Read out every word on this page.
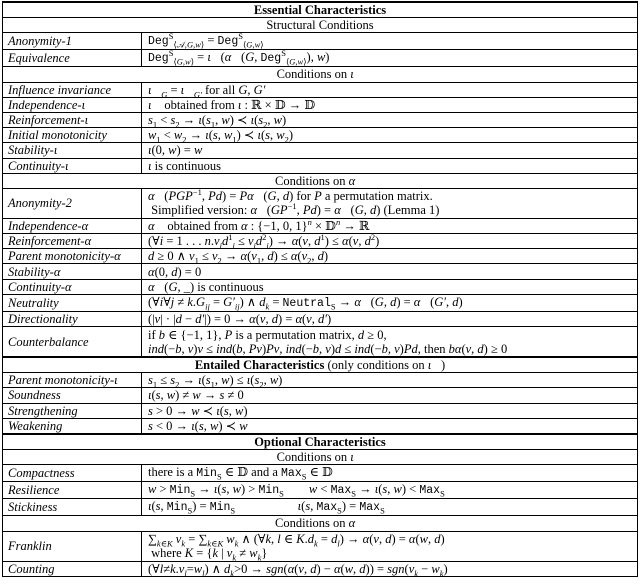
Essential Characteristics	
Structural Conditions	
Anonymity-1	Deg$^S_{⟨𝒜,G,w⟩}$ = Deg$^S_{⟨G,w⟩}$
Equivalence	Deg$^S_{⟨G,w⟩}$ = ι⃗(α⃗(G, Deg$^S_{⟨G,w⟩}$), w)
Conditions on ι⃗	
Influence invariance	$\iota⃗_G$ = $\iota⃗_{G'}$ for all G, G′
Independence-ι	ι⃗ obtained from ι : ℝ × 𝔻 → 𝔻
Reinforcement-ι	$s_1 < s_2 \to \iota(s_1$, w) ≺ $\iota(s_2$, w)
Initial monotonicity	$w_1 < w_2 \to \iota(s$, $w_1$) ≺ ι(s, $w_2$)
Stability-ι	ι(0, w) = w
Continuity-ι	ι is continuous
Conditions on α⃗	
Anonymity-2	$\alpha⃗(PGP^{-1}$, Pd) = Pα⃗(G, d) for P a permutation matrix.
Simplified version: $\alpha⃗(GP^{-1}$, Pd) = α⃗(G, d) (Lemma 1)
Independence-α	α⃗ obtained from α : {−1, 0, 1}$^n$ × 𝔻$^n$ → ℝ
Reinforcement-α	(∀i = 1 . . . $n.v_id^1_i \le v_id^2_i) \to \alpha(v$, $d^1) \le \alpha(v$, $d^2$)
Parent monotonicity-α	d ≥ 0 ∧ $v_1 \le v_2 \to \alpha(v_1$, $d) \le \alpha(v_2$, d)
Stability-α	α(0, d) = 0
Continuity-α	α⃗(G, _) is continuous
Neutrality	(∀i∀j ≠ $k.G_{ij} = G'_{ij}$) ∧ $d_k$ = Neutral$_S$ → α⃗(G, d) = α⃗(G′, d)
Directionality	(|v| · |d − d′|) = 0 → α(v, d) = α(v, d′)
Counterbalance	if b ∈ {−1, 1}, P is a permutation matrix, d ≥ 0,
ind(−b, v)v ≤ ind(b, Pv)Pv, ind(−b, v)d ≤ ind(−b, v)Pd, then bα(v, d) ≥ 0
Entailed Characteristics (only conditions on ι⃗)	
Parent monotonicity-ι	$s_1 \le s_2 \to \iota(s_1$, $w) \le \iota(s_2$, w)
Soundness	ι(s, w) ≠ w → s ≠ 0
Strengthening	s > 0 → w ≺ ι(s, w)
Weakening	s < 0 → ι(s, w) ≺ w
Optional Characteristics	
Conditions on ι⃗	
Compactness	there is a Min$_S$ ∈ 𝔻 and a Max$_S$ ∈ 𝔻
Resilience	w > Min$_S$ → ι(s, w) > Min$_S$ w < Max$_S$ → ι(s, w) < Max$_S$
Stickiness	ι(s, Min$_S$) = Min$_S$ ι(s, Max$_S$) = Max$_S$
Conditions on α⃗	
Franklin	$\sum_{k\in K}$ $v_k = \sum_{k\in K}$ $w_k$ ∧ (∀k, l ∈ $K.d_k = d_l) \to \alpha(v$, d) = α(w, d)
where K = {k | $v_k \ne w_k$}
Counting	$(\forall l\ne k.v_l=w_l)$ ∧ $d_k>0 \to sgn(\alpha(v$, d) − α(w, $d)) = sgn(v_k - w_k)$
